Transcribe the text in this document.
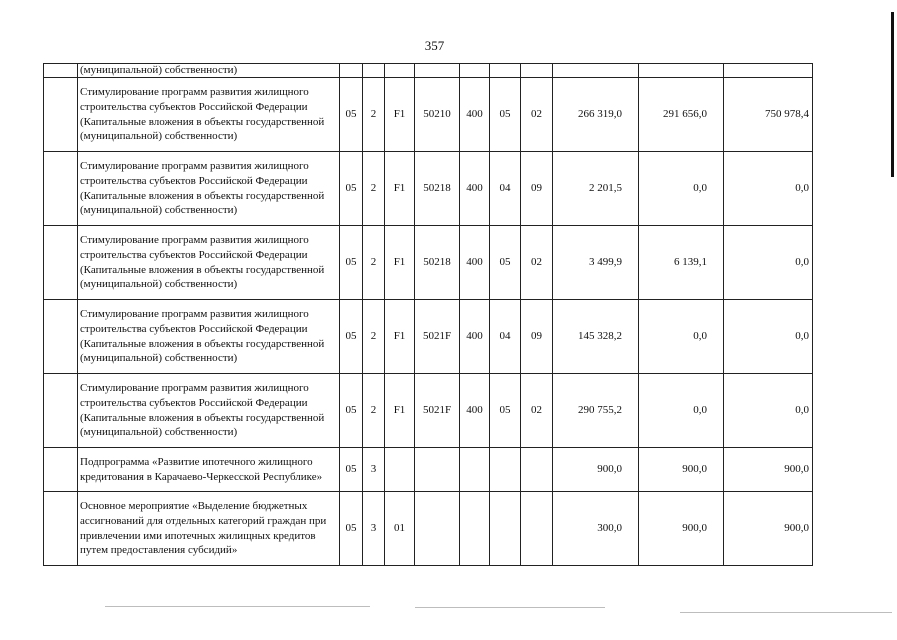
357
	(муниципальной) собственности)										
	Стимулирование программ развития жилищного строительства субъектов Российской Федерации (Капитальные вложения в объекты государственной (муниципальной) собственности)	05	2	F1	50210	400	05	02	266 319,0	291 656,0	750 978,4
	Стимулирование программ развития жилищного строительства субъектов Российской Федерации (Капитальные вложения в объекты государственной (муниципальной) собственности)	05	2	F1	50218	400	04	09	2 201,5	0,0	0,0
	Стимулирование программ развития жилищного строительства субъектов Российской Федерации (Капитальные вложения в объекты государственной (муниципальной) собственности)	05	2	F1	50218	400	05	02	3 499,9	6 139,1	0,0
	Стимулирование программ развития жилищного строительства субъектов Российской Федерации (Капитальные вложения в объекты государственной (муниципальной) собственности)	05	2	F1	5021F	400	04	09	145 328,2	0,0	0,0
	Стимулирование программ развития жилищного строительства субъектов Российской Федерации (Капитальные вложения в объекты государственной (муниципальной) собственности)	05	2	F1	5021F	400	05	02	290 755,2	0,0	0,0
	Подпрограмма «Развитие ипотечного жилищного кредитования в Карачаево-Черкесской Республике»	05	3						900,0	900,0	900,0
	Основное мероприятие «Выделение бюджетных ассигнований для отдельных категорий граждан при привлечении ими ипотечных жилищных кредитов путем предоставления субсидий»	05	3	01					300,0	900,0	900,0
